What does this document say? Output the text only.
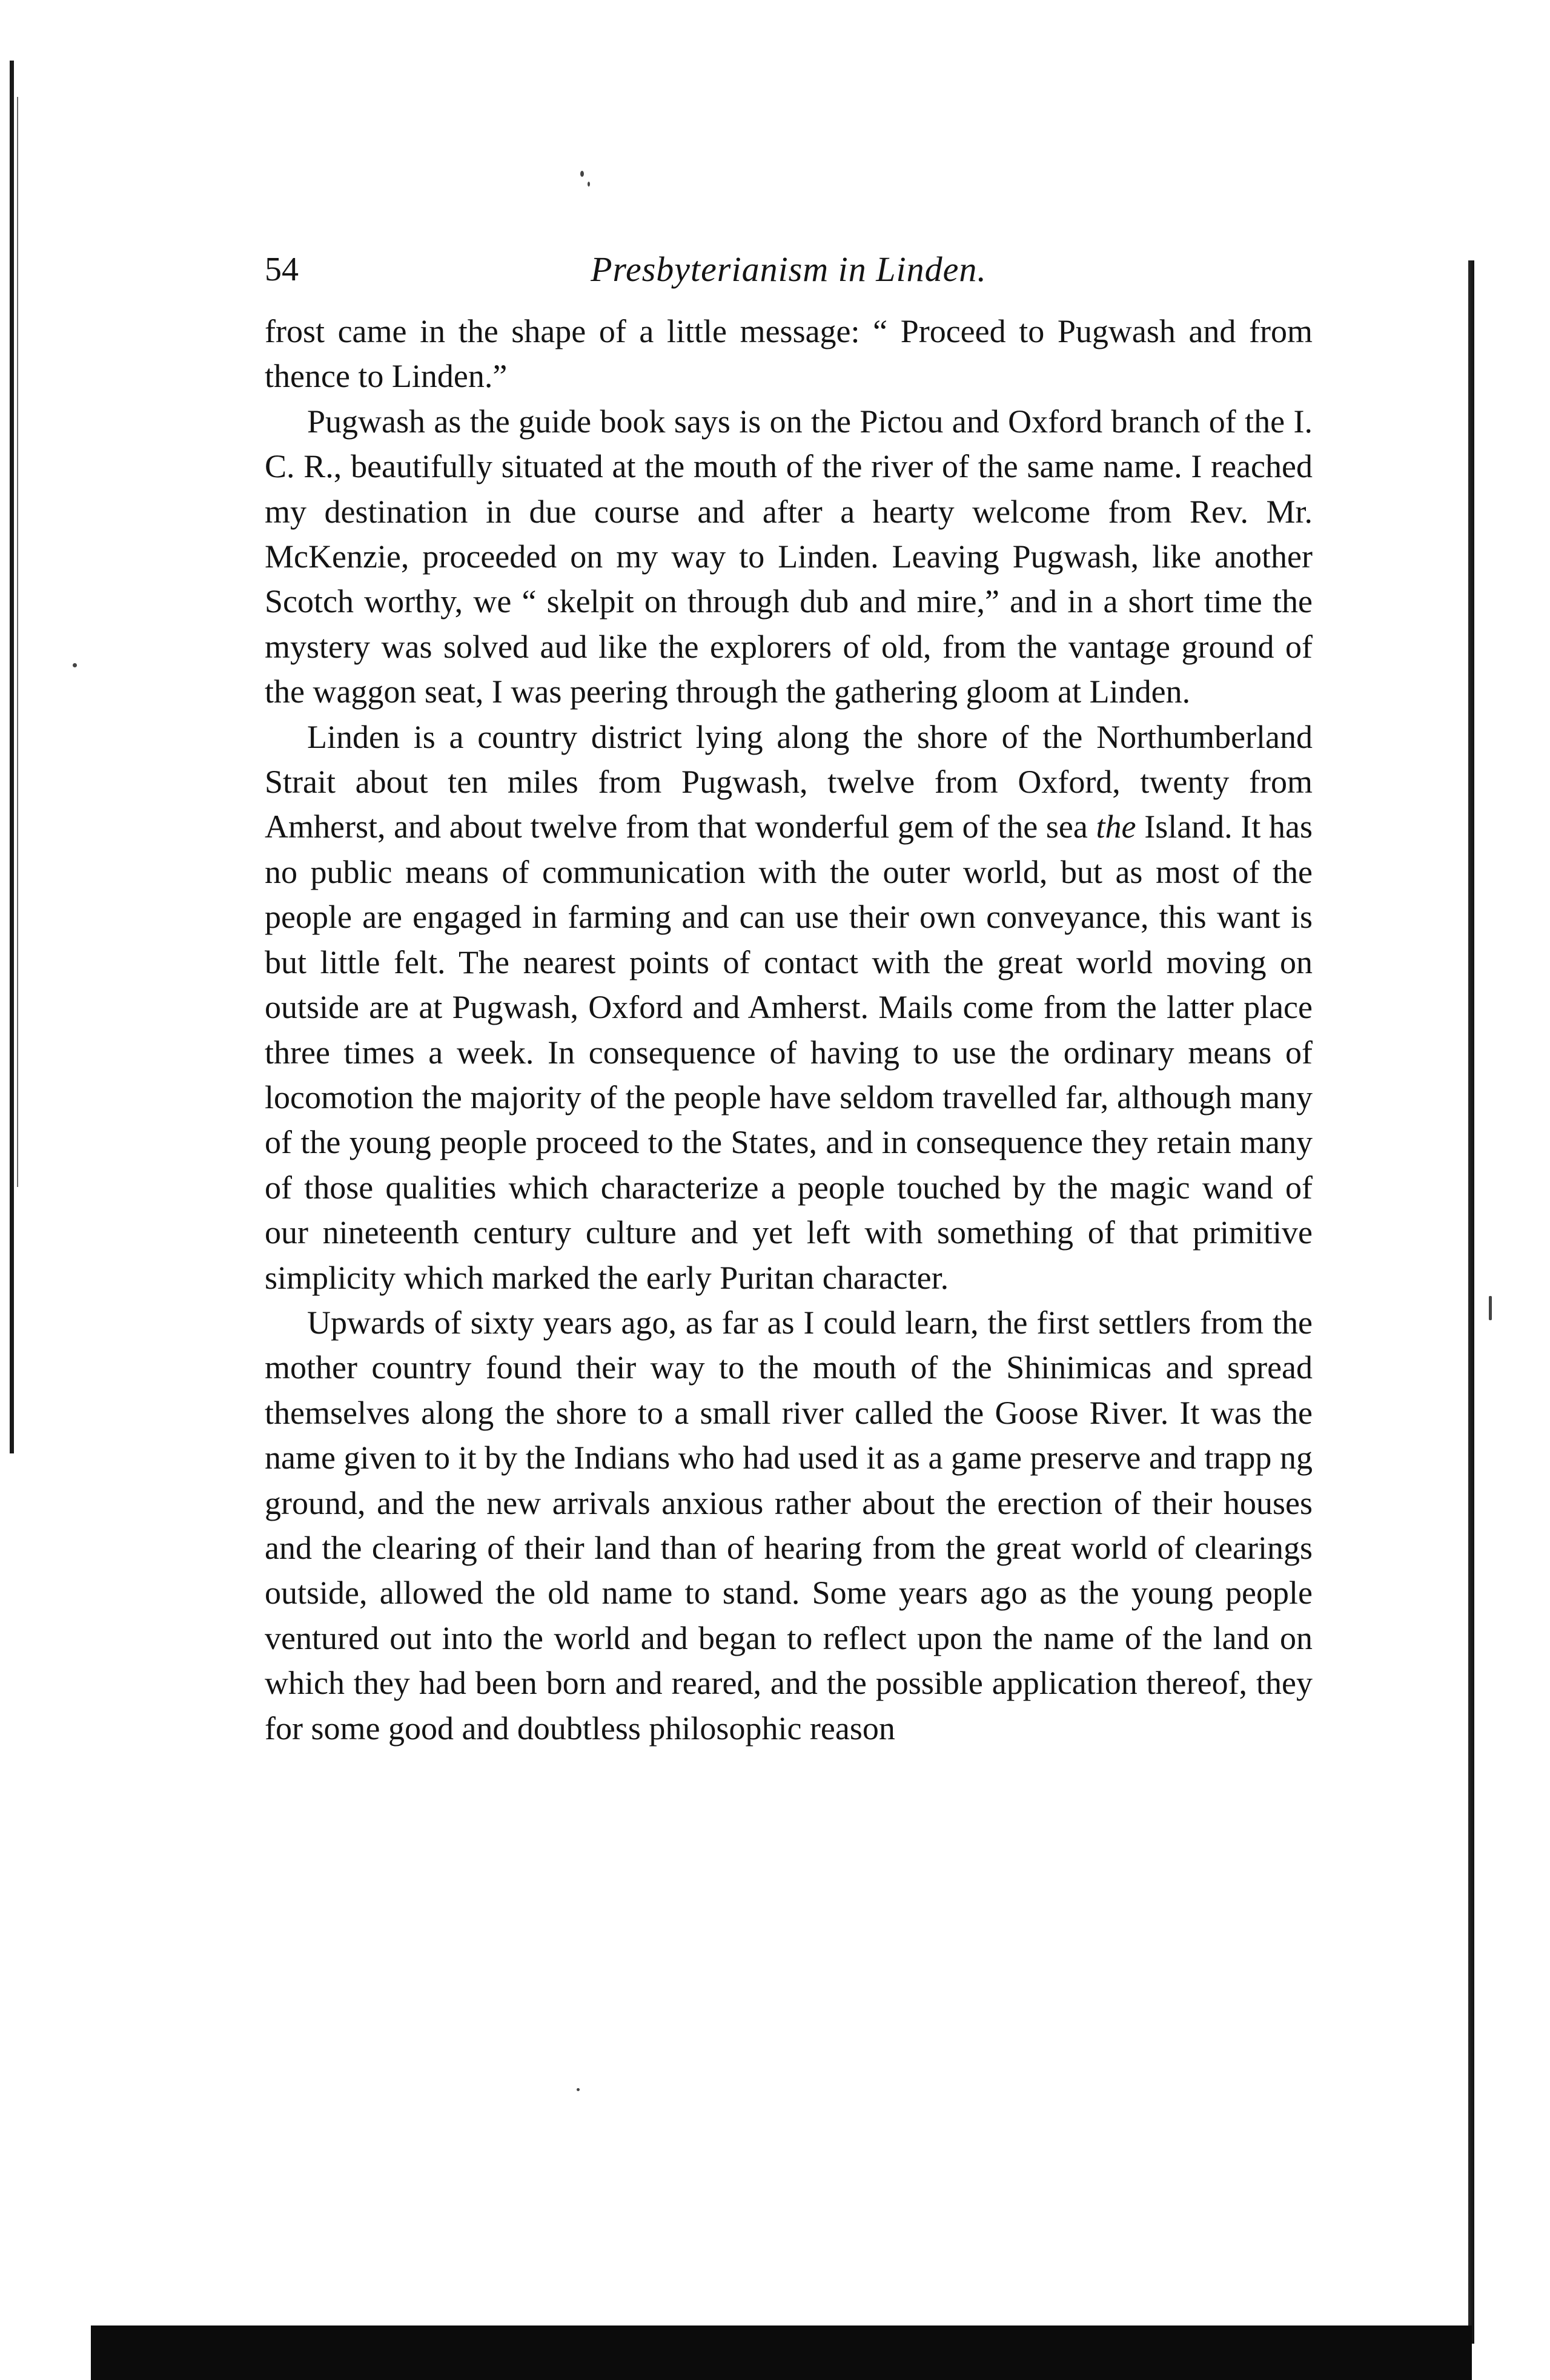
54	Presbyterianism in Linden.

frost came in the shape of a little message: “ Proceed to Pugwash and from thence to Linden.”

Pugwash as the guide book says is on the Pictou and Oxford branch of the I. C. R., beautifully situated at the mouth of the river of the same name. I reached my destination in due course and after a hearty welcome from Rev. Mr. McKenzie, proceeded on my way to Linden. Leaving Pugwash, like another Scotch worthy, we “ skelpit on through dub and mire,” and in a short time the mystery was solved aud like the explorers of old, from the vantage ground of the waggon seat, I was peering through the gathering gloom at Linden.

Linden is a country district lying along the shore of the Northumberland Strait about ten miles from Pugwash, twelve from Oxford, twenty from Amherst, and about twelve from that wonderful gem of the sea the Island. It has no public means of communication with the outer world, but as most of the people are engaged in farming and can use their own conveyance, this want is but little felt. The nearest points of contact with the great world moving on outside are at Pugwash, Oxford and Amherst. Mails come from the latter place three times a week. In consequence of having to use the ordinary means of locomotion the majority of the people have seldom travelled far, although many of the young people proceed to the States, and in consequence they retain many of those qualities which characterize a people touched by the magic wand of our nineteenth century culture and yet left with something of that primitive simplicity which marked the early Puritan character.

Upwards of sixty years ago, as far as I could learn, the first settlers from the mother country found their way to the mouth of the Shinimicas and spread themselves along the shore to a small river called the Goose River. It was the name given to it by the Indians who had used it as a game preserve and trapp ng ground, and the new arrivals anxious rather about the erection of their houses and the clearing of their land than of hearing from the great world of clearings outside, allowed the old name to stand. Some years ago as the young people ventured out into the world and began to reflect upon the name of the land on which they had been born and reared, and the possible application thereof, they for some good and doubtless philosophic reason
